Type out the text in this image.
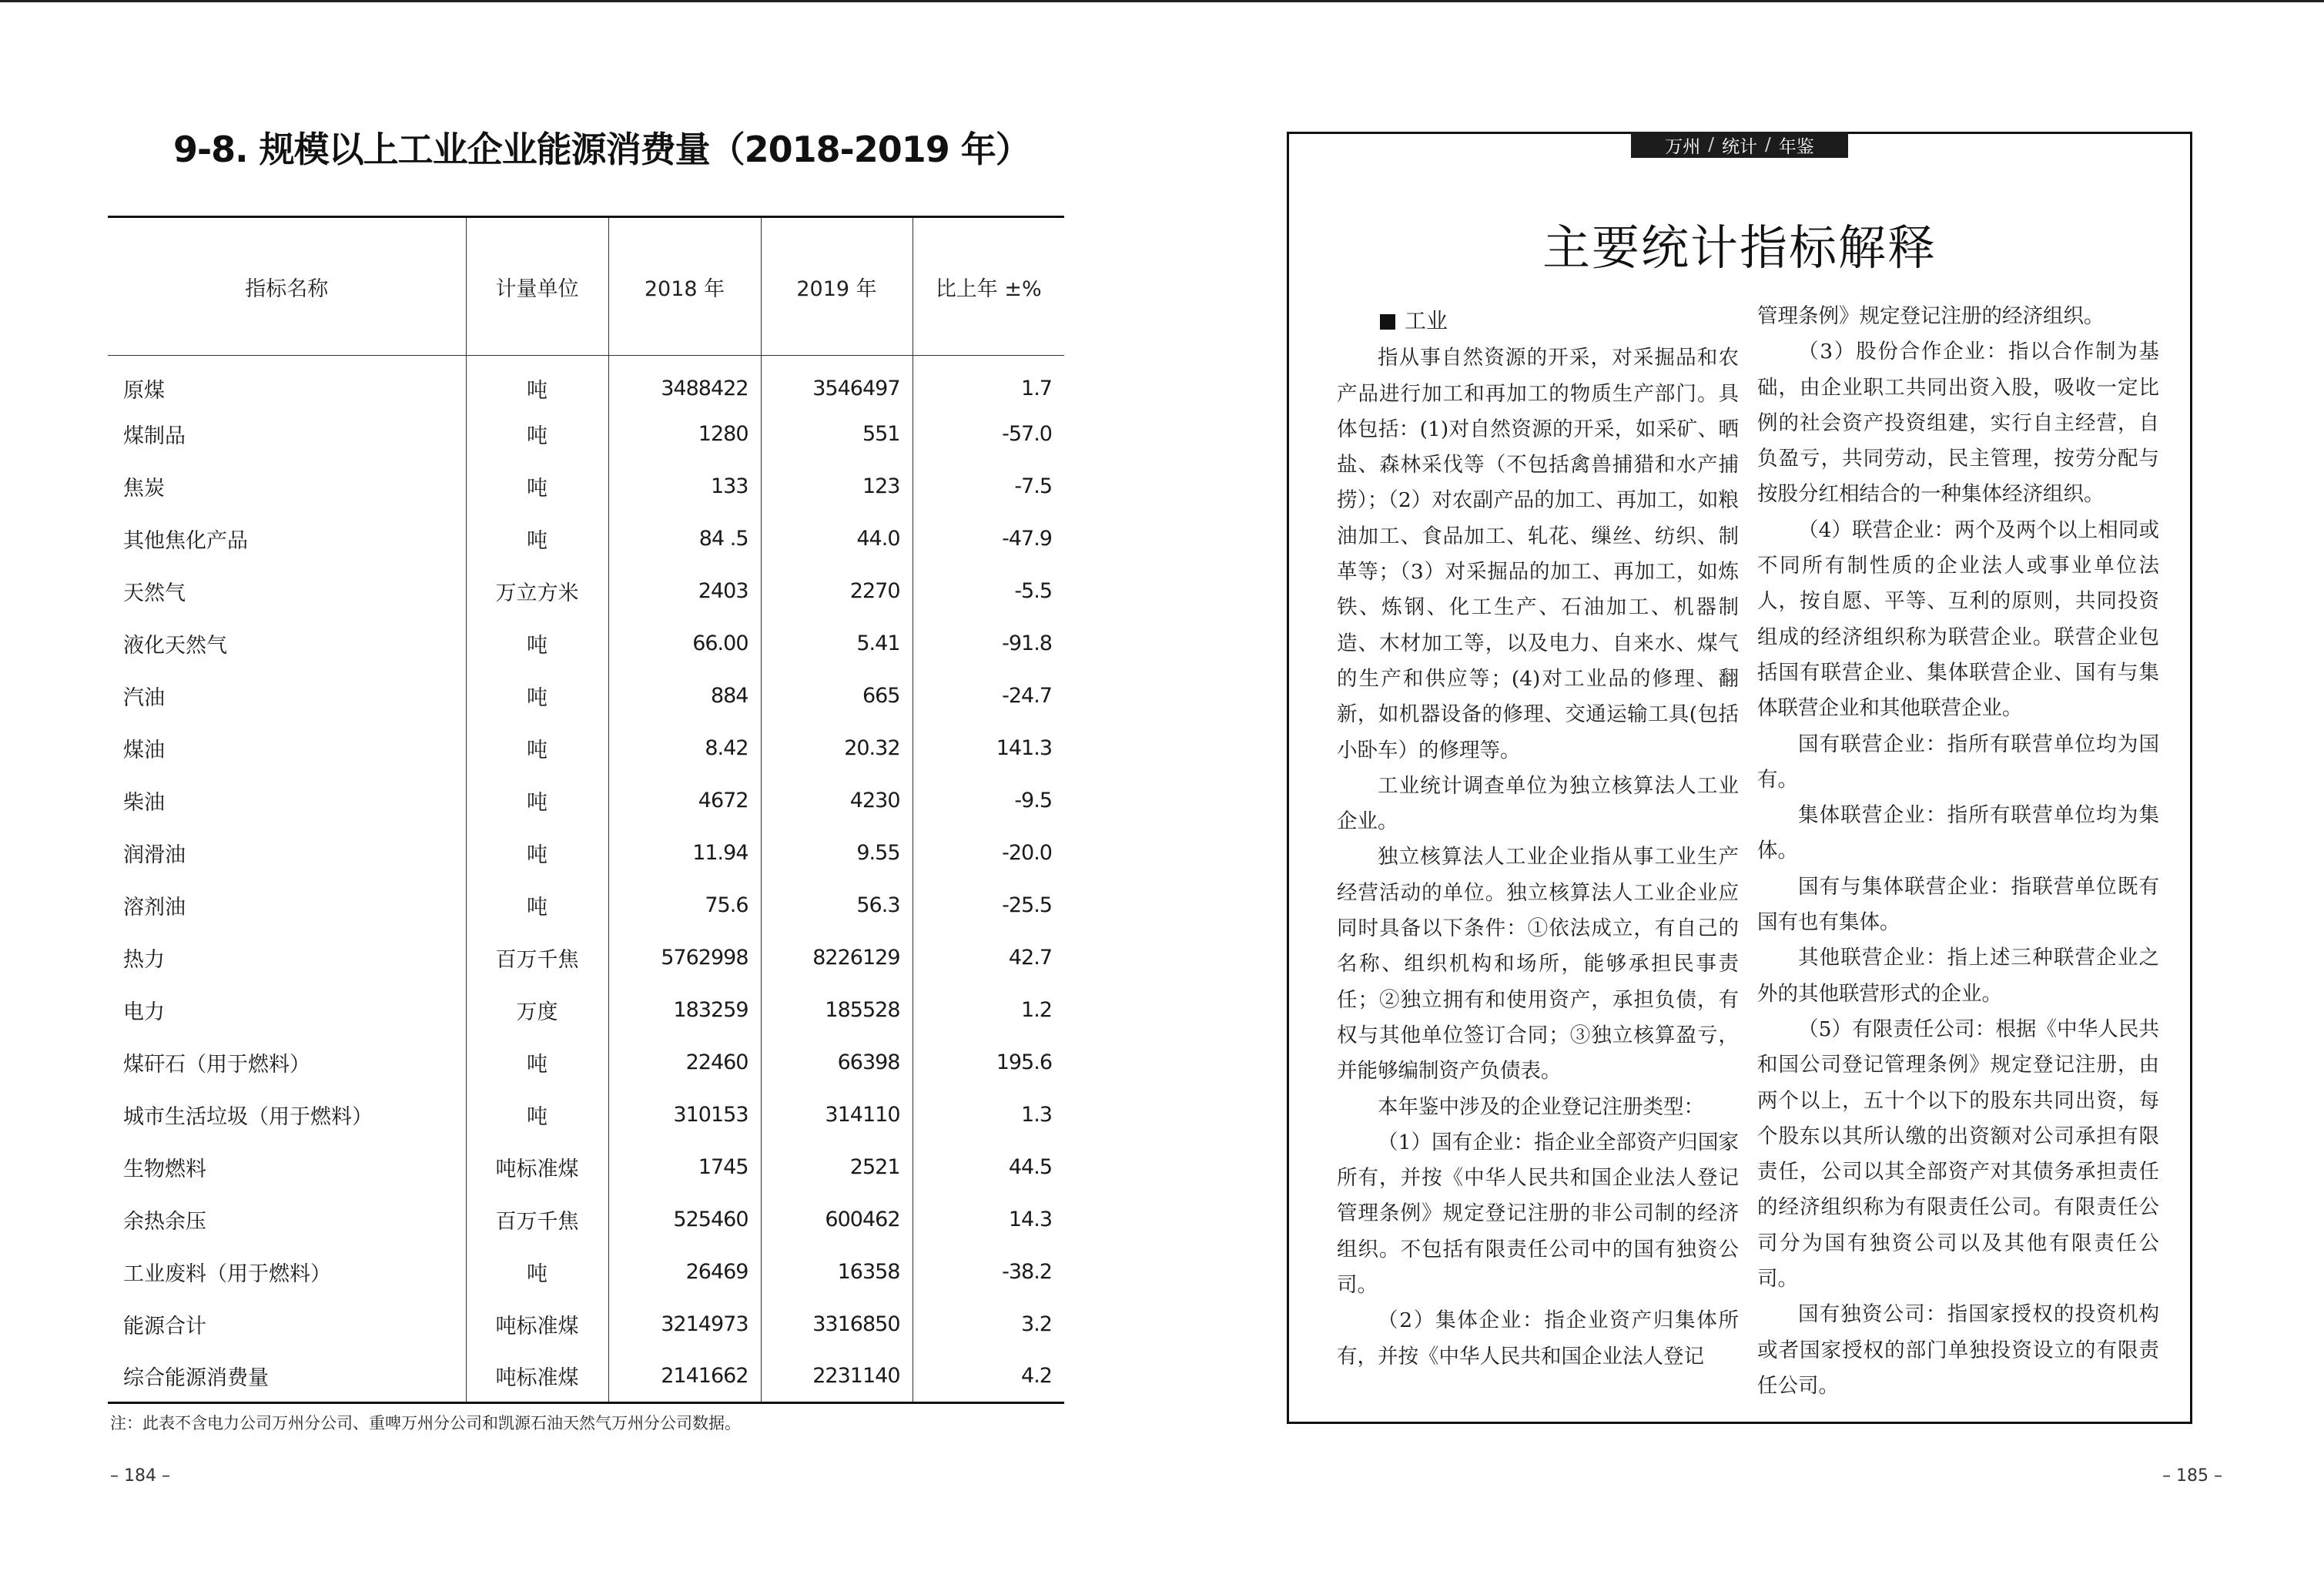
9-8. 规模以上工业企业能源消费量（2018-2019 年）
指标名称	计量单位	2018 年	2019 年	比上年 ±%
原煤	吨	3488422	3546497	1.7
煤制品	吨	1280	551	-57.0
焦炭	吨	133	123	-7.5
其他焦化产品	吨	84 .5	44.0	-47.9
天然气	万立方米	2403	2270	-5.5
液化天然气	吨	66.00	5.41	-91.8
汽油	吨	884	665	-24.7
煤油	吨	8.42	20.32	141.3
柴油	吨	4672	4230	-9.5
润滑油	吨	11.94	9.55	-20.0
溶剂油	吨	75.6	56.3	-25.5
热力	百万千焦	5762998	8226129	42.7
电力	万度	183259	185528	1.2
煤矸石（用于燃料）	吨	22460	66398	195.6
城市生活垃圾（用于燃料）	吨	310153	314110	1.3
生物燃料	吨标准煤	1745	2521	44.5
余热余压	百万千焦	525460	600462	14.3
工业废料（用于燃料）	吨	26469	16358	-38.2
能源合计	吨标准煤	3214973	3316850	3.2
综合能源消费量	吨标准煤	2141662	2231140	4.2
注：此表不含电力公司万州分公司、重啤万州分公司和凯源石油天然气万州分公司数据。
– 184 –
万州 / 统计 / 年鉴
主要统计指标解释

工业

指从事自然资源的开采，对采掘品和农产品进行加工和再加工的物质生产部门。具体包括：(1)对自然资源的开采，如采矿、晒盐、森林采伐等（不包括禽兽捕猎和水产捕捞）；（2）对农副产品的加工、再加工，如粮油加工、食品加工、轧花、缫丝、纺织、制革等；（3）对采掘品的加工、再加工，如炼铁、炼钢、化工生产、石油加工、机器制造、木材加工等，以及电力、自来水、煤气的生产和供应等；(4)对工业品的修理、翻新，如机器设备的修理、交通运输工具(包括小卧车）的修理等。

工业统计调查单位为独立核算法人工业企业。

独立核算法人工业企业指从事工业生产经营活动的单位。独立核算法人工业企业应同时具备以下条件：①依法成立，有自己的名称、组织机构和场所，能够承担民事责任；②独立拥有和使用资产，承担负债，有权与其他单位签订合同；③独立核算盈亏，并能够编制资产负债表。

本年鉴中涉及的企业登记注册类型：

（1）国有企业：指企业全部资产归国家所有，并按《中华人民共和国企业法人登记管理条例》规定登记注册的非公司制的经济组织。不包括有限责任公司中的国有独资公司。

（2）集体企业：指企业资产归集体所有，并按《中华人民共和国企业法人登记

管理条例》规定登记注册的经济组织。

（3）股份合作企业：指以合作制为基础，由企业职工共同出资入股，吸收一定比例的社会资产投资组建，实行自主经营，自负盈亏，共同劳动，民主管理，按劳分配与按股分红相结合的一种集体经济组织。

（4）联营企业：两个及两个以上相同或不同所有制性质的企业法人或事业单位法人，按自愿、平等、互利的原则，共同投资组成的经济组织称为联营企业。联营企业包括国有联营企业、集体联营企业、国有与集体联营企业和其他联营企业。

国有联营企业：指所有联营单位均为国有。

集体联营企业：指所有联营单位均为集体。

国有与集体联营企业：指联营单位既有国有也有集体。

其他联营企业：指上述三种联营企业之外的其他联营形式的企业。

（5）有限责任公司：根据《中华人民共和国公司登记管理条例》规定登记注册，由两个以上，五十个以下的股东共同出资，每个股东以其所认缴的出资额对公司承担有限责任，公司以其全部资产对其债务承担责任的经济组织称为有限责任公司。有限责任公司分为国有独资公司以及其他有限责任公司。

国有独资公司：指国家授权的投资机构或者国家授权的部门单独投资设立的有限责任公司。

– 185 –
